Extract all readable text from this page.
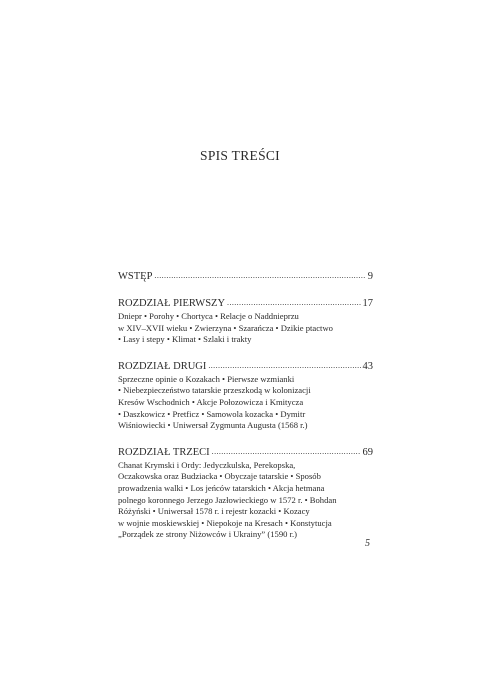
SPIS TREŚCI
WSTĘP .....	9
ROZDZIAŁ PIERWSZY .....	17
Dniepr • Porohy • Chortyca • Relacje o Naddnieprzu
w XIV–XVII wieku • Zwierzyna • Szarańcza • Dzikie ptactwo
• Lasy i stepy • Klimat • Szlaki i trakty
ROZDZIAŁ DRUGI .....	43
Sprzeczne opinie o Kozakach • Pierwsze wzmianki
• Niebezpieczeństwo tatarskie przeszkodą w kolonizacji
Kresów Wschodnich • Akcje Połozowicza i Kmitycza
• Daszkowicz • Pretficz • Samowola kozacka • Dymitr
Wiśniowiecki • Uniwersał Zygmunta Augusta (1568 r.)
ROZDZIAŁ TRZECI .....	69
Chanat Krymski i Ordy: Jedyczkulska, Perekopska,
Oczakowska oraz Budziacka • Obyczaje tatarskie • Sposób
prowadzenia walki • Los jeńców tatarskich • Akcja hetmana
polnego koronnego Jerzego Jazłowieckiego w 1572 r. • Bohdan
Różyński • Uniwersał 1578 r. i rejestr kozacki • Kozacy
w wojnie moskiewskiej • Niepokoje na Kresach • Konstytucja
„Porządek ze strony Niżowców i Ukrainy” (1590 r.)
5
